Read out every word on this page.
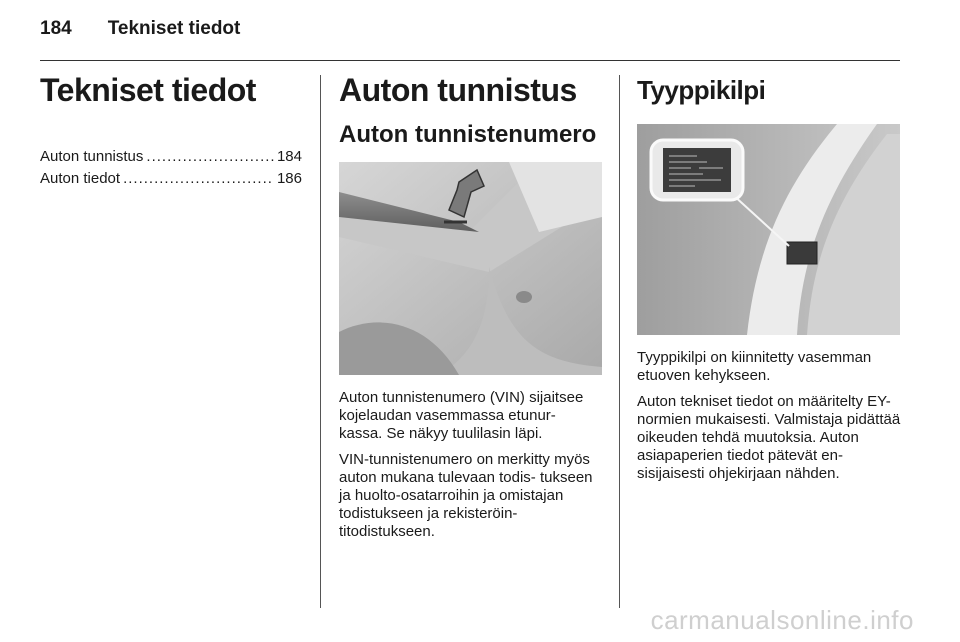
184 Tekniset tiedot
Tekniset tiedot
Auton tunnistus .....	184
Auton tiedot .....	186
Auton tunnistus
Auton tunnistenumero

Auton tunnistenumero (VIN) sijaitsee kojelaudan vasemmassa etunur- kassa. Se näkyy tuulilasin läpi.

VIN-tunnistenumero on merkitty myös auton mukana tulevaan todis- tukseen ja huolto-osatarroihin ja omistajan todistukseen ja rekisteröin- titodistukseen.

Tyyppikilpi

Tyyppikilpi on kiinnitetty vasemman etuoven kehykseen.

Auton tekniset tiedot on määritelty EY-normien mukaisesti. Valmistaja pidättää oikeuden tehdä muutoksia. Auton asiapaperien tiedot pätevät en- sisijaisesti ohjekirjaan nähden.

carmanualsonline.info
